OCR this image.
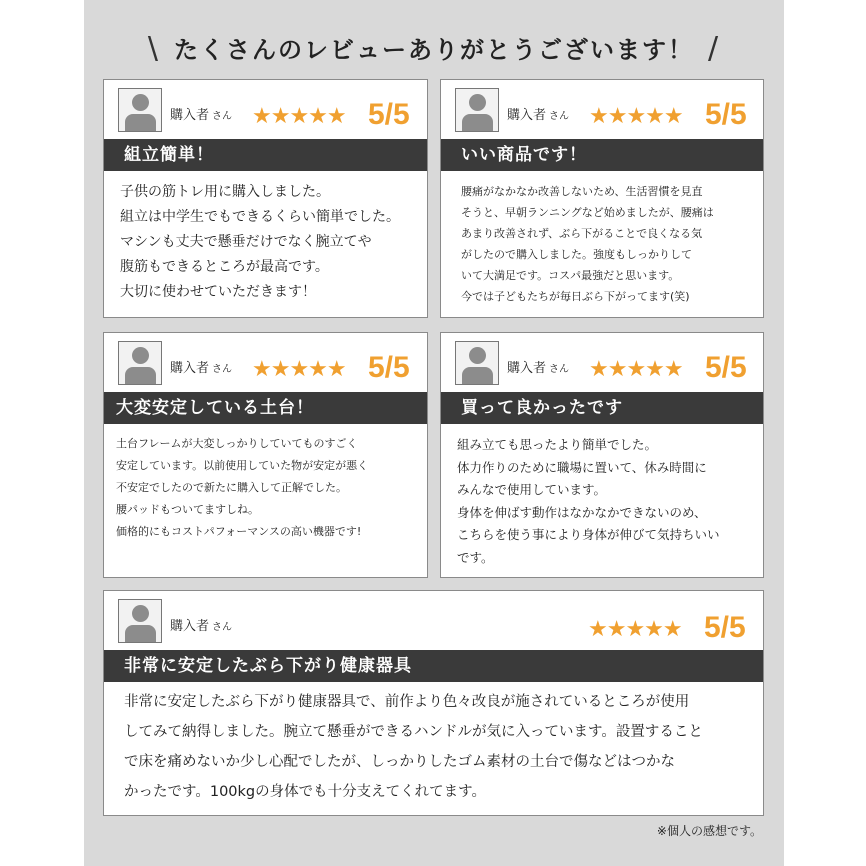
\ たくさんのレビューありがとうございます！ /
購入者 さん ★★★★★ 5/5
組立簡単！
子供の筋トレ用に購入しました。
組立は中学生でもできるくらい簡単でした。
マシンも丈夫で懸垂だけでなく腕立てや
腹筋もできるところが最高です。
大切に使わせていただきます！
購入者 さん ★★★★★ 5/5
いい商品です！
腰痛がなかなか改善しないため、生活習慣を見直
そうと、早朝ランニングなど始めましたが、腰痛は
あまり改善されず、ぶら下がることで良くなる気
がしたので購入しました。強度もしっかりして
いて大満足です。コスパ最強だと思います。
今では子どもたちが毎日ぶら下がってます(笑)
購入者 さん ★★★★★ 5/5
大変安定している土台！
土台フレームが大変しっかりしていてものすごく
安定しています。以前使用していた物が安定が悪く
不安定でしたので新たに購入して正解でした。
腰パッドもついてますしね。
価格的にもコストパフォーマンスの高い機器です!
購入者 さん ★★★★★ 5/5
買って良かったです
組み立ても思ったより簡単でした。
体力作りのために職場に置いて、休み時間に
みんなで使用しています。
身体を伸ばす動作はなかなかできないのめ、
こちらを使う事により身体が伸びて気持ちいい
です。
購入者 さん	★★★★★ 5/5
非常に安定したぶら下がり健康器具
非常に安定したぶら下がり健康器具で、前作より色々改良が施されているところが使用
してみて納得しました。腕立て懸垂ができるハンドルが気に入っています。設置すること
で床を痛めないか少し心配でしたが、しっかりしたゴム素材の土台で傷などはつかな
かったです。100kgの身体でも十分支えてくれてます。
※個人の感想です。
